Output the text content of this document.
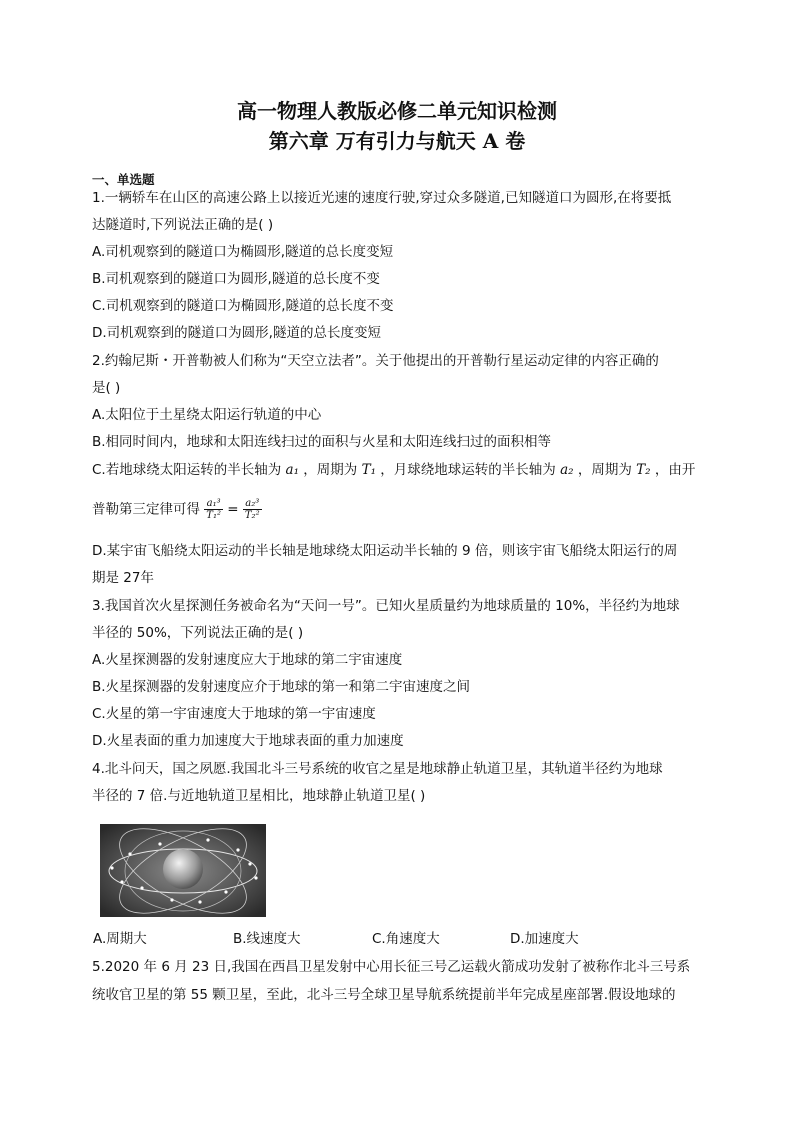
高一物理人教版必修二单元知识检测
第六章 万有引力与航天 A 卷
一、单选题
1.一辆轿车在山区的高速公路上以接近光速的速度行驶,穿过众多隧道,已知隧道口为圆形,在将要抵
达隧道时,下列说法正确的是( )
A.司机观察到的隧道口为椭圆形,隧道的总长度变短
B.司机观察到的隧道口为圆形,隧道的总长度不变
C.司机观察到的隧道口为椭圆形,隧道的总长度不变
D.司机观察到的隧道口为圆形,隧道的总长度变短
2.约翰尼斯・开普勒被人们称为“天空立法者”。关于他提出的开普勒行星运动定律的内容正确的
是( )
A.太阳位于土星绕太阳运行轨道的中心
B.相同时间内，地球和太阳连线扫过的面积与火星和太阳连线扫过的面积相等
C.若地球绕太阳运转的半长轴为 a₁ ，周期为 T₁ ，月球绕地球运转的半长轴为 a₂ ，周期为 T₂ ，由开
普勒第三定律可得 $\frac{\text{a₁³}}{\text{T₁²}} = \frac{\text{a₂³}}{\text{T₂²}}$
D.某宇宙飞船绕太阳运动的半长轴是地球绕太阳运动半长轴的 9 倍，则该宇宙飞船绕太阳运行的周
期是 27年
3.我国首次火星探测任务被命名为“天问一号”。已知火星质量约为地球质量的 10%，半径约为地球
半径的 50%，下列说法正确的是( )
A.火星探测器的发射速度应大于地球的第二宇宙速度
B.火星探测器的发射速度应介于地球的第一和第二宇宙速度之间
C.火星的第一宇宙速度大于地球的第一宇宙速度
D.火星表面的重力加速度大于地球表面的重力加速度
4.北斗问天，国之夙愿.我国北斗三号系统的收官之星是地球静止轨道卫星，其轨道半径约为地球
半径的 7 倍.与近地轨道卫星相比，地球静止轨道卫星( )
A.周期大	B.线速度大	C.角速度大	D.加速度大
5.2020 年 6 月 23 日,我国在西昌卫星发射中心用长征三号乙运载火箭成功发射了被称作北斗三号系
统收官卫星的第 55 颗卫星，至此，北斗三号全球卫星导航系统提前半年完成星座部署.假设地球的
